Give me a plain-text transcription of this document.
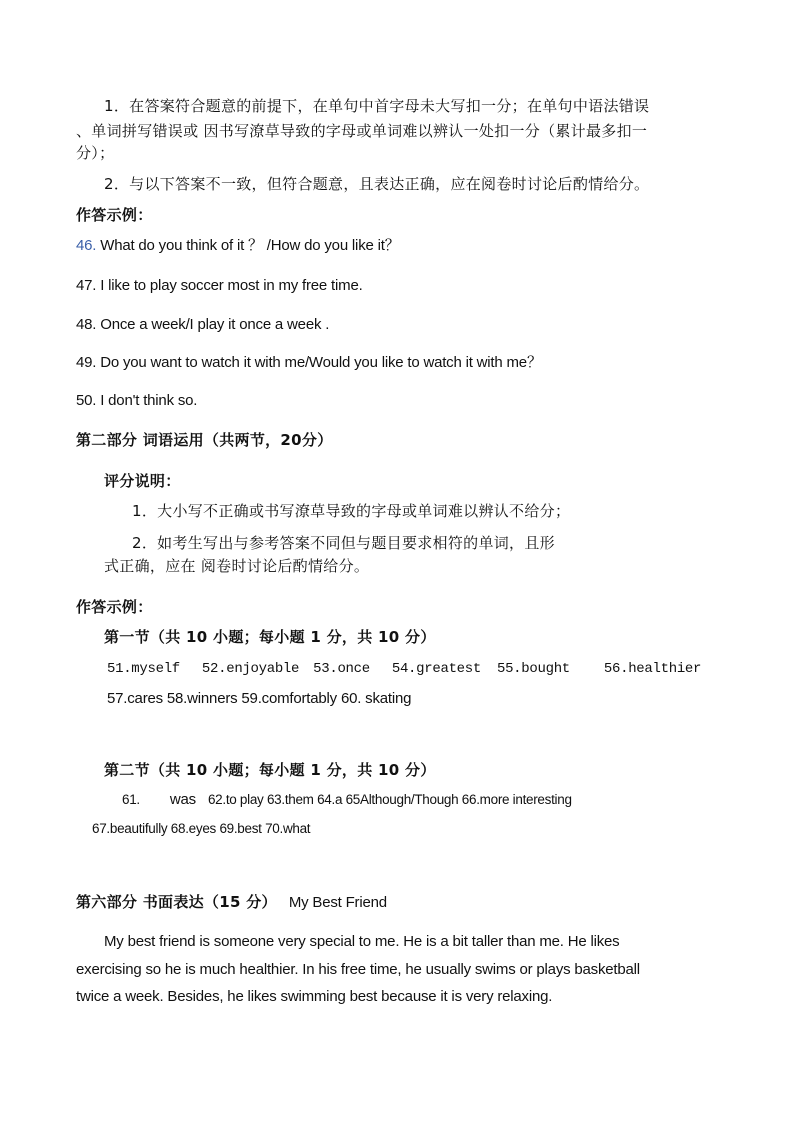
1．在答案符合题意的前提下，在单句中首字母未大写扣一分；在单句中语法错误
、单词拼写错误或 因书写潦草导致的字母或单词难以辨认一处扣一分（累计最多扣一
分）；
2．与以下答案不一致，但符合题意，且表达正确，应在阅卷时讨论后酌情给分。
作答示例：
46. What do you think of it ？ /How do you like it？
47. I like to play soccer most in my free time.
48. Once a week/I play it once a week .
49. Do you want to watch it with me/Would you like to watch it with me？
50. I don't think so.
第二部分 词语运用（共两节，20分）
评分说明：
1．大小写不正确或书写潦草导致的字母或单词难以辨认不给分；
2．如考生写出与参考答案不同但与题目要求相符的单词，且形
式正确，应在 阅卷时讨论后酌情给分。
作答示例：
第一节（共 10 小题；每小题 1 分，共 10 分）
51.myself 52.enjoyable 53.once 54.greatest 55.bought 56.healthier
57.cares 58.winners 59.comfortably 60. skating
第二节（共 10 小题；每小题 1 分，共 10 分）
61. was 62.to play 63.them 64.a 65Although/Though 66.more interesting
67.beautifully 68.eyes 69.best 70.what
第六部分 书面表达（15 分） My Best Friend
My best friend is someone very special to me. He is a bit taller than me. He likes
exercising so he is much healthier. In his free time, he usually swims or plays basketball
twice a week. Besides, he likes swimming best because it is very relaxing.
